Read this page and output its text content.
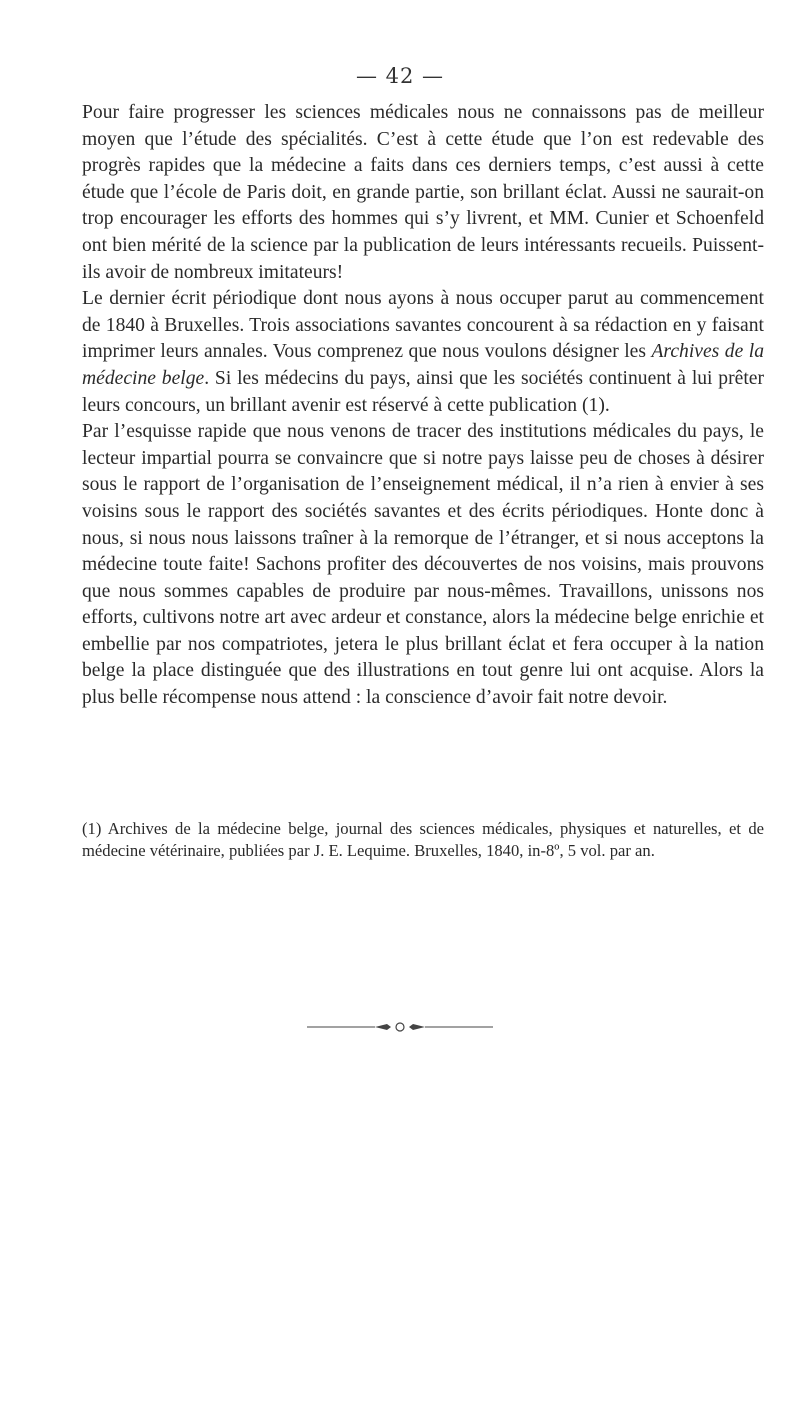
— 42 —

Pour faire progresser les sciences médicales nous ne connaissons pas de meilleur moyen que l’étude des spécialités. C’est à cette étude que l’on est redevable des progrès rapides que la médecine a faits dans ces derniers temps, c’est aussi à cette étude que l’école de Paris doit, en grande partie, son brillant éclat. Aussi ne saurait-on trop encourager les efforts des hommes qui s’y livrent, et MM. Cunier et Schoenfeld ont bien mérité de la science par la publication de leurs intéressants recueils. Puissent-ils avoir de nombreux imitateurs!

Le dernier écrit périodique dont nous ayons à nous occuper parut au commencement de 1840 à Bruxelles. Trois associations savantes concourent à sa rédaction en y faisant imprimer leurs annales. Vous comprenez que nous voulons désigner les Archives de la médecine belge. Si les médecins du pays, ainsi que les sociétés continuent à lui prêter leurs concours, un brillant avenir est réservé à cette publication (1).

Par l’esquisse rapide que nous venons de tracer des institutions médicales du pays, le lecteur impartial pourra se convaincre que si notre pays laisse peu de choses à désirer sous le rapport de l’organisation de l’enseignement médical, il n’a rien à envier à ses voisins sous le rapport des sociétés savantes et des écrits périodiques. Honte donc à nous, si nous nous laissons traîner à la remorque de l’étranger, et si nous acceptons la médecine toute faite! Sachons profiter des découvertes de nos voisins, mais prouvons que nous sommes capables de produire par nous-mêmes. Travaillons, unissons nos efforts, cultivons notre art avec ardeur et constance, alors la médecine belge enrichie et embellie par nos compatriotes, jetera le plus brillant éclat et fera occuper à la nation belge la place distinguée que des illustrations en tout genre lui ont acquise. Alors la plus belle récompense nous attend : la conscience d’avoir fait notre devoir.

(1) Archives de la médecine belge, journal des sciences médicales, physiques et naturelles, et de médecine vétérinaire, publiées par J. E. Lequime. Bruxelles, 1840, in-8º, 5 vol. par an.
